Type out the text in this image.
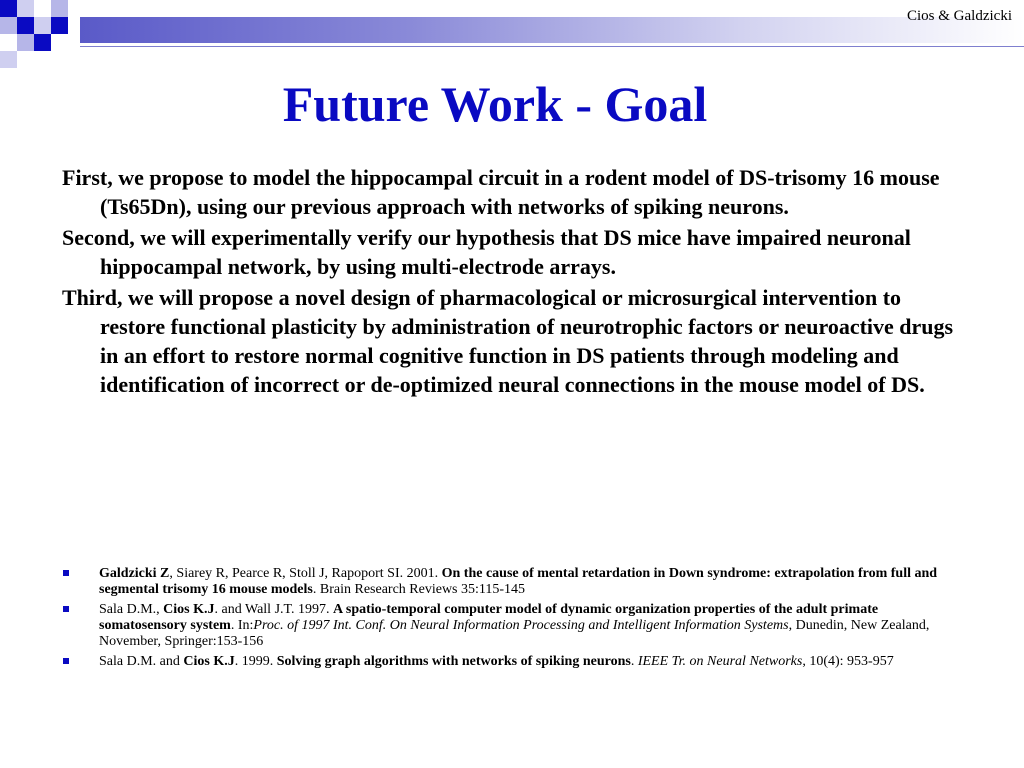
Cios & Galdzicki
Future Work - Goal

First, we propose to model the hippocampal circuit in a rodent model of DS-trisomy 16 mouse (Ts65Dn), using our previous approach with networks of spiking neurons.

Second, we will experimentally verify our hypothesis that DS mice have impaired neuronal hippocampal network, by using multi-electrode arrays.

Third, we will propose a novel design of pharmacological or microsurgical intervention to restore functional plasticity by administration of neurotrophic factors or neuroactive drugs in an effort to restore normal cognitive function in DS patients through modeling and identification of incorrect or de-optimized neural connections in the mouse model of DS.

Galdzicki Z, Siarey R, Pearce R, Stoll J, Rapoport SI. 2001. On the cause of mental retardation in Down syndrome: extrapolation from full and segmental trisomy 16 mouse models. Brain Research Reviews 35:115-145
Sala D.M., Cios K.J. and Wall J.T. 1997. A spatio-temporal computer model of dynamic organization properties of the adult primate somatosensory system. In:Proc. of 1997 Int. Conf. On Neural Information Processing and Intelligent Information Systems, Dunedin, New Zealand, November, Springer:153-156
Sala D.M. and Cios K.J. 1999. Solving graph algorithms with networks of spiking neurons. IEEE Tr. on Neural Networks, 10(4): 953-957
